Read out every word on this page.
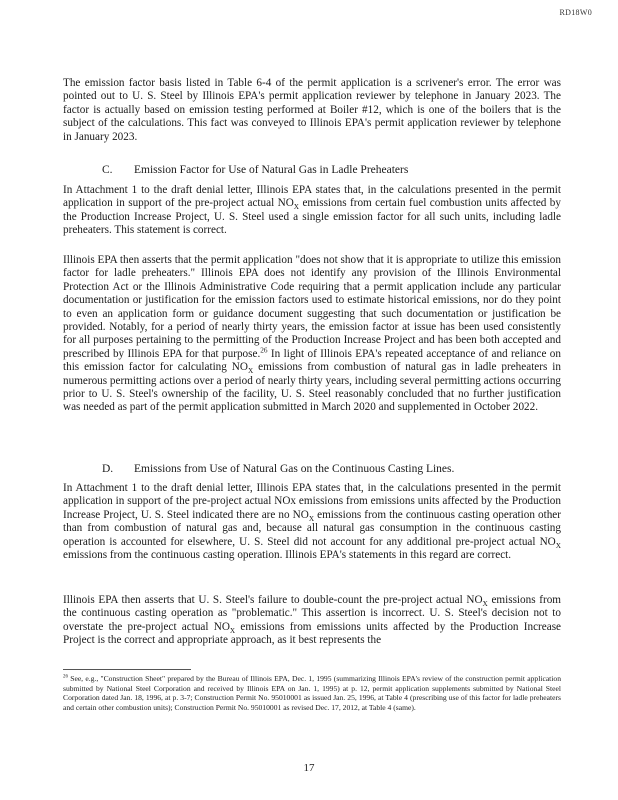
RD18W0

The emission factor basis listed in Table 6-4 of the permit application is a scrivener's error. The error was pointed out to U. S. Steel by Illinois EPA's permit application reviewer by telephone in January 2023. The factor is actually based on emission testing performed at Boiler #12, which is one of the boilers that is the subject of the calculations. This fact was conveyed to Illinois EPA's permit application reviewer by telephone in January 2023.

C. Emission Factor for Use of Natural Gas in Ladle Preheaters

In Attachment 1 to the draft denial letter, Illinois EPA states that, in the calculations presented in the permit application in support of the pre-project actual $NO_X$ emissions from certain fuel combustion units affected by the Production Increase Project, U. S. Steel used a single emission factor for all such units, including ladle preheaters. This statement is correct.

Illinois EPA then asserts that the permit application "does not show that it is appropriate to utilize this emission factor for ladle preheaters." Illinois EPA does not identify any provision of the Illinois Environmental Protection Act or the Illinois Administrative Code requiring that a permit application include any particular documentation or justification for the emission factors used to estimate historical emissions, nor do they point to even an application form or guidance document suggesting that such documentation or justification be provided. Notably, for a period of nearly thirty years, the emission factor at issue has been used consistently for all purposes pertaining to the permitting of the Production Increase Project and has been both accepted and prescribed by Illinois EPA for that purpose.$^{26}$ In light of Illinois EPA's repeated acceptance of and reliance on this emission factor for calculating $NO_X$ emissions from combustion of natural gas in ladle preheaters in numerous permitting actions over a period of nearly thirty years, including several permitting actions occurring prior to U. S. Steel's ownership of the facility, U. S. Steel reasonably concluded that no further justification was needed as part of the permit application submitted in March 2020 and supplemented in October 2022.

D. Emissions from Use of Natural Gas on the Continuous Casting Lines.

In Attachment 1 to the draft denial letter, Illinois EPA states that, in the calculations presented in the permit application in support of the pre-project actual NOx emissions from emissions units affected by the Production Increase Project, U. S. Steel indicated there are no $NO_X$ emissions from the continuous casting operation other than from combustion of natural gas and, because all natural gas consumption in the continuous casting operation is accounted for elsewhere, U. S. Steel did not account for any additional pre-project actual $NO_X$ emissions from the continuous casting operation. Illinois EPA's statements in this regard are correct.

Illinois EPA then asserts that U. S. Steel's failure to double-count the pre-project actual $NO_X$ emissions from the continuous casting operation as "problematic." This assertion is incorrect. U. S. Steel's decision not to overstate the pre-project actual $NO_X$ emissions from emissions units affected by the Production Increase Project is the correct and appropriate approach, as it best represents the

$^{26}$ See, e.g., "Construction Sheet" prepared by the Bureau of Illinois EPA, Dec. 1, 1995 (summarizing Illinois EPA's review of the construction permit application submitted by National Steel Corporation and received by Illinois EPA on Jan. 1, 1995) at p. 12, permit application supplements submitted by National Steel Corporation dated Jan. 18, 1996, at p. 3-7; Construction Permit No. 95010001 as issued Jan. 25, 1996, at Table 4 (prescribing use of this factor for ladle preheaters and certain other combustion units); Construction Permit No. 95010001 as revised Dec. 17, 2012, at Table 4 (same).

17
